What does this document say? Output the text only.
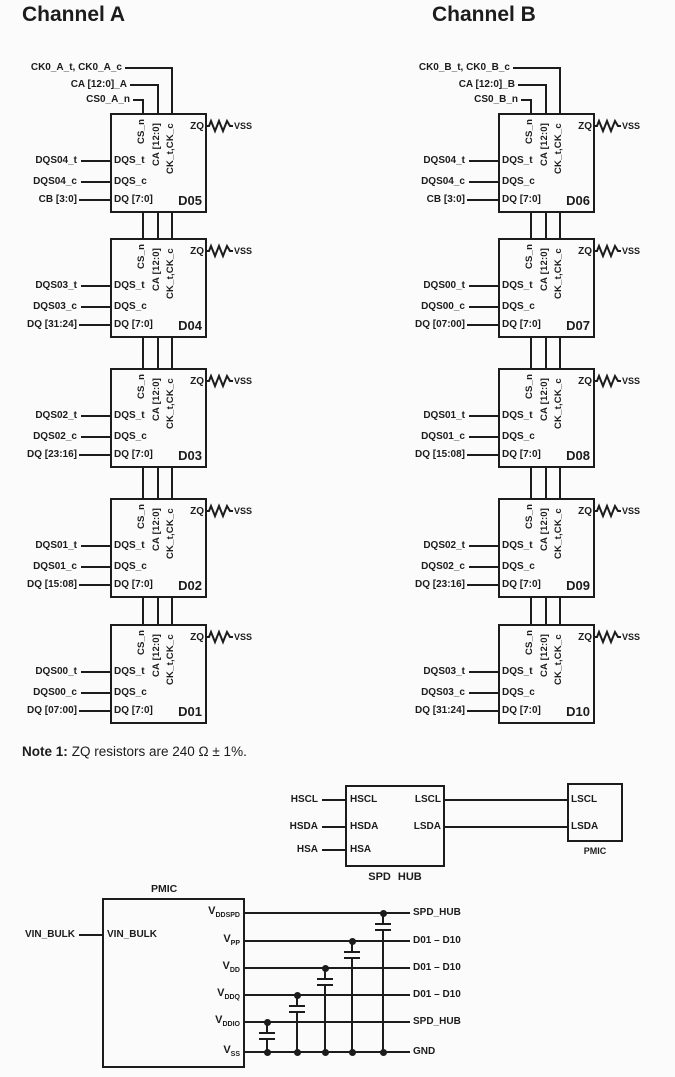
Channel A	Channel B
Note 1: ZQ resistors are 240 Ω ± 1%.
HSCL
HSDA
HSA
HSCL
HSDA
HSA
LSCL
LSDA
LSCL
LSDA
PMIC
SPD HUB
PMIC
VIN_BULK	VIN_BULK
CK0_A_t, CK0_A_c
CA [12:0]_A
CS0_A_n
CS_n CA [12:0] CK_t,CK_c
DQS_t
DQS_c
DQ [7:0] D05
ZQ	VSS
DQS04_t
DQS04_c
CB [3:0]
CS_n CA [12:0] CK_t,CK_c
DQS_t
DQS_c
DQ [7:0] D04
ZQ	VSS
DQS03_t
DQS03_c
DQ [31:24]
CS_n CA [12:0] CK_t,CK_c
DQS_t
DQS_c
DQ [7:0] D03
ZQ	VSS
DQS02_t
DQS02_c
DQ [23:16]
CS_n CA [12:0] CK_t,CK_c
DQS_t
DQS_c
DQ [7:0] D02
ZQ	VSS
DQS01_t
DQS01_c
DQ [15:08]
CS_n CA [12:0] CK_t,CK_c
DQS_t
DQS_c
DQ [7:0] D01
ZQ	VSS
DQS00_t
DQS00_c
DQ [07:00]
CK0_B_t, CK0_B_c
CA [12:0]_B
CS0_B_n
CS_n CA [12:0] CK_t,CK_c
DQS_t
DQS_c
DQ [7:0] D06
ZQ	VSS
DQS04_t
DQS04_c
CB [3:0]
CS_n CA [12:0] CK_t,CK_c
DQS_t
DQS_c
DQ [7:0] D07
ZQ	VSS
DQS00_t
DQS00_c
DQ [07:00]
CS_n CA [12:0] CK_t,CK_c
DQS_t
DQS_c
DQ [7:0] D08
ZQ	VSS
DQS01_t
DQS01_c
DQ [15:08]
CS_n CA [12:0] CK_t,CK_c
DQS_t
DQS_c
DQ [7:0] D09
ZQ	VSS
DQS02_t
DQS02_c
DQ [23:16]
CS_n CA [12:0] CK_t,CK_c
DQS_t
DQS_c
DQ [7:0] D10
ZQ	VSS
DQS03_t
DQS03_c
DQ [31:24]
$V_{DDSPD}$	SPD_HUB
$V_{PP}$	D01 – D10
$V_{DD}$	D01 – D10
$V_{DDQ}$	D01 – D10
$V_{DDIO}$	SPD_HUB
$V_{SS}$	GND
